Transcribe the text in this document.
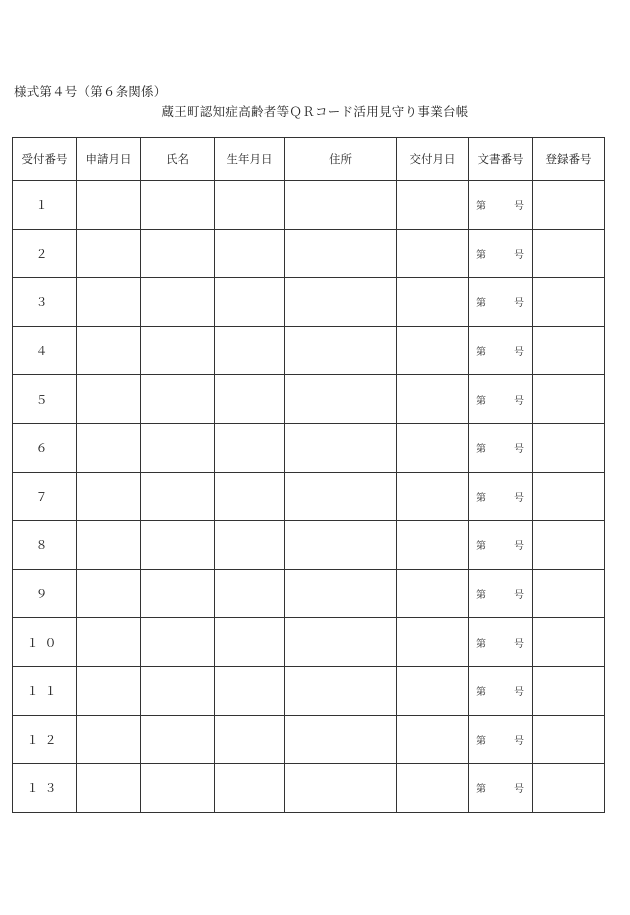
様式第４号（第６条関係）
蔵王町認知症高齢者等ＱＲコード活用見守り事業台帳
受付番号	申請月日	氏名	生年月日	住所	交付月日	文書番号	登録番号
１						第 号	

２						第 号	

３						第 号	

４						第 号	

５						第 号	

６						第 号	

７						第 号	

８						第 号	

９						第 号	

１０						第 号	

１１						第 号	

１２						第 号	

１３						第 号	
